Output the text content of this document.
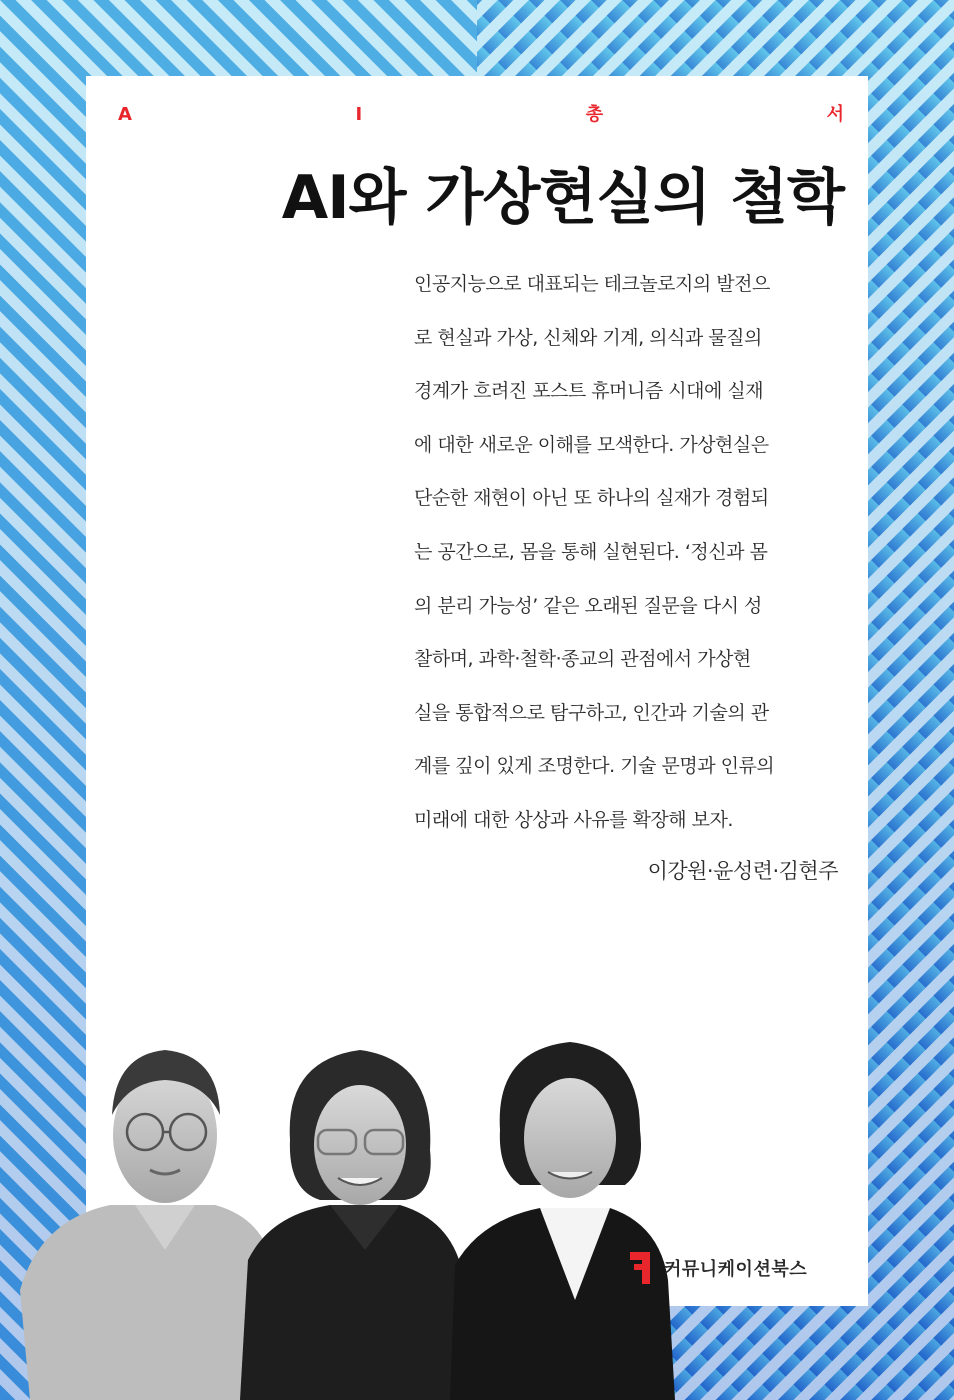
A	I	총	서
AI와 가상현실의 철학
인공지능으로 대표되는 테크놀로지의 발전으
로 현실과 가상, 신체와 기계, 의식과 물질의
경계가 흐려진 포스트 휴머니즘 시대에 실재
에 대한 새로운 이해를 모색한다. 가상현실은
단순한 재현이 아닌 또 하나의 실재가 경험되
는 공간으로, 몸을 통해 실현된다. ‘정신과 몸
의 분리 가능성’ 같은 오래된 질문을 다시 성
찰하며, 과학·철학·종교의 관점에서 가상현
실을 통합적으로 탐구하고, 인간과 기술의 관
계를 깊이 있게 조명한다. 기술 문명과 인류의
미래에 대한 상상과 사유를 확장해 보자.
이강원·윤성련·김현주
커뮤니케이션북스
